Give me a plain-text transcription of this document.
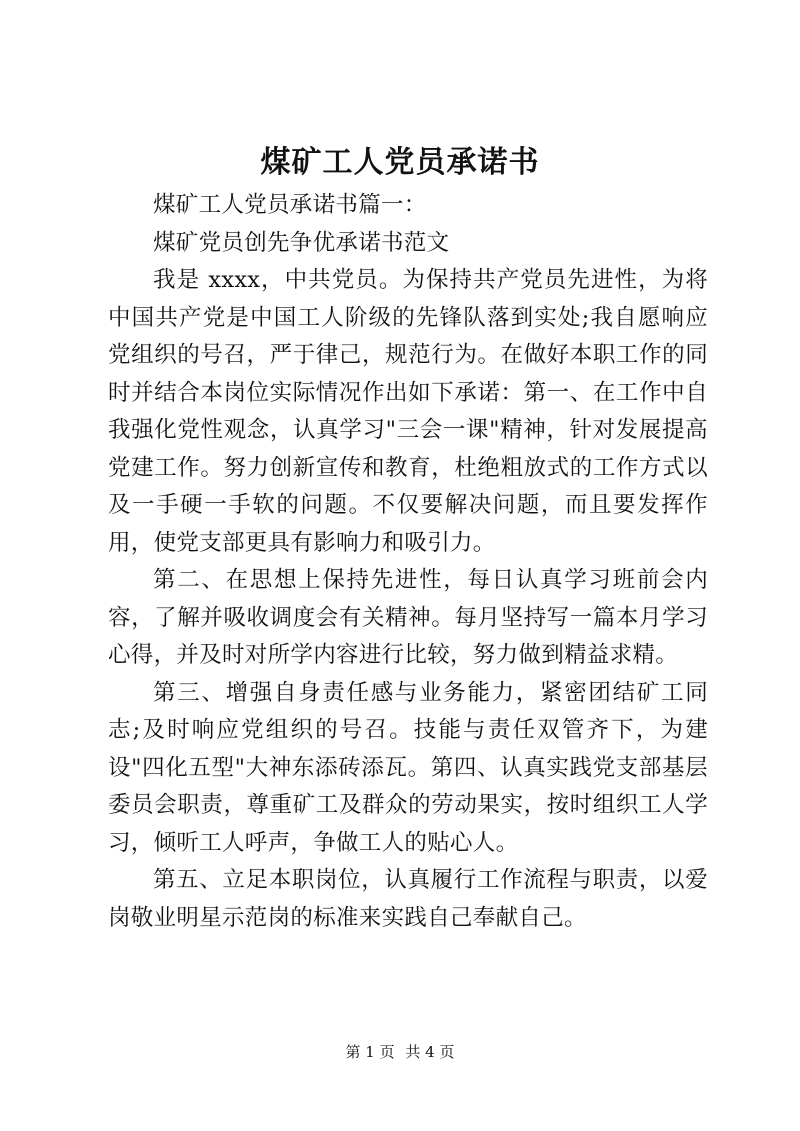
煤矿工人党员承诺书

煤矿工人党员承诺书篇一：

煤矿党员创先争优承诺书范文

我是 xxxx，中共党员。为保持共产党员先进性，为将中国共产党是中国工人阶级的先锋队落到实处;我自愿响应党组织的号召，严于律己，规范行为。在做好本职工作的同时并结合本岗位实际情况作出如下承诺：第一、在工作中自我强化党性观念，认真学习"三会一课"精神，针对发展提高党建工作。努力创新宣传和教育，杜绝粗放式的工作方式以及一手硬一手软的问题。不仅要解决问题，而且要发挥作用，使党支部更具有影响力和吸引力。

第二、在思想上保持先进性，每日认真学习班前会内容，了解并吸收调度会有关精神。每月坚持写一篇本月学习心得，并及时对所学内容进行比较，努力做到精益求精。

第三、增强自身责任感与业务能力，紧密团结矿工同志;及时响应党组织的号召。技能与责任双管齐下，为建设"四化五型"大神东添砖添瓦。第四、认真实践党支部基层委员会职责，尊重矿工及群众的劳动果实，按时组织工人学习，倾听工人呼声，争做工人的贴心人。

第五、立足本职岗位，认真履行工作流程与职责，以爱岗敬业明星示范岗的标准来实践自己奉献自己。

第 1 页 共 4 页
